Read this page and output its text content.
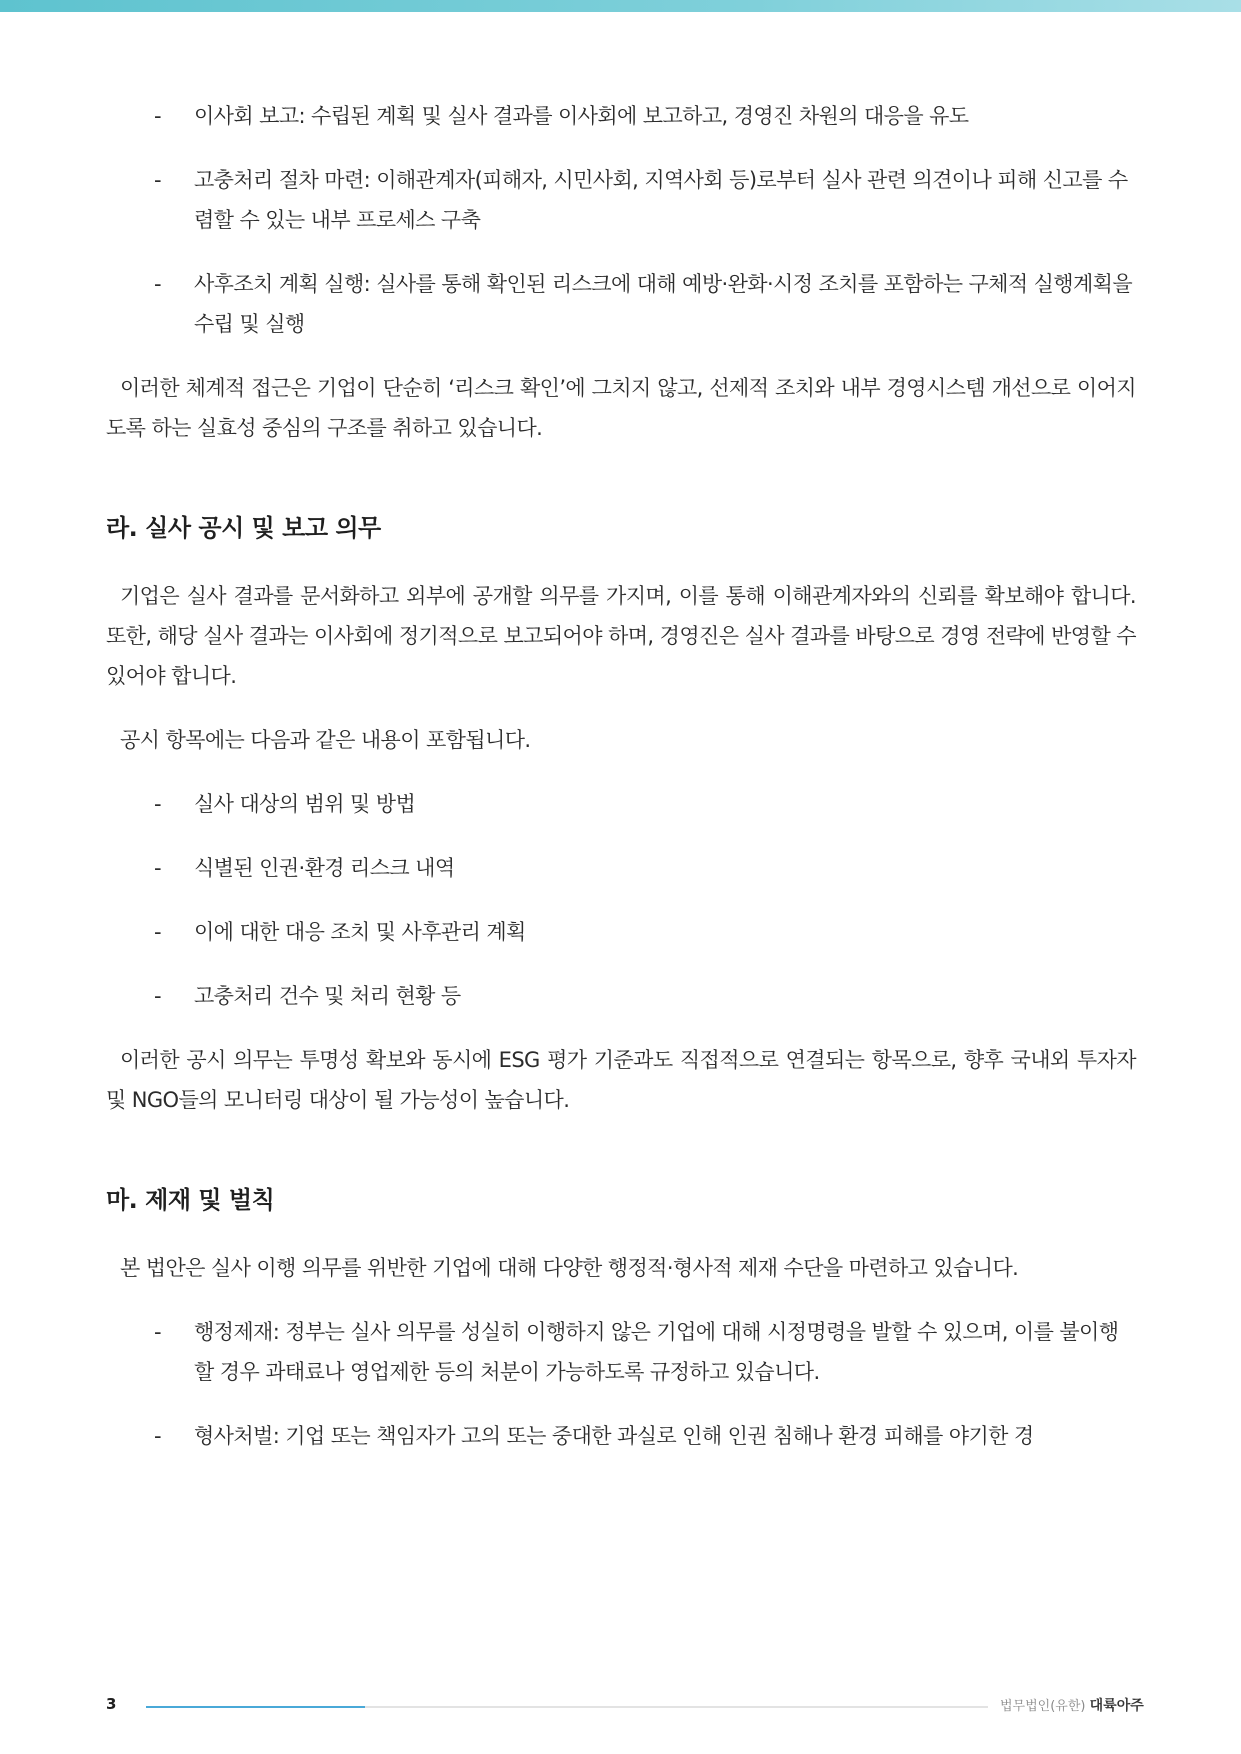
- 이사회 보고: 수립된 계획 및 실사 결과를 이사회에 보고하고, 경영진 차원의 대응을 유도
- 고충처리 절차 마련: 이해관계자(피해자, 시민사회, 지역사회 등)로부터 실사 관련 의견이나 피해 신고를 수렴할 수 있는 내부 프로세스 구축
- 사후조치 계획 실행: 실사를 통해 확인된 리스크에 대해 예방·완화·시정 조치를 포함하는 구체적 실행계획을 수립 및 실행

이러한 체계적 접근은 기업이 단순히 ‘리스크 확인’에 그치지 않고, 선제적 조치와 내부 경영시스템 개선으로 이어지도록 하는 실효성 중심의 구조를 취하고 있습니다.

라. 실사 공시 및 보고 의무

기업은 실사 결과를 문서화하고 외부에 공개할 의무를 가지며, 이를 통해 이해관계자와의 신뢰를 확보해야 합니다. 또한, 해당 실사 결과는 이사회에 정기적으로 보고되어야 하며, 경영진은 실사 결과를 바탕으로 경영 전략에 반영할 수 있어야 합니다.

공시 항목에는 다음과 같은 내용이 포함됩니다.

- 실사 대상의 범위 및 방법
- 식별된 인권·환경 리스크 내역
- 이에 대한 대응 조치 및 사후관리 계획
- 고충처리 건수 및 처리 현황 등

이러한 공시 의무는 투명성 확보와 동시에 ESG 평가 기준과도 직접적으로 연결되는 항목으로, 향후 국내외 투자자 및 NGO들의 모니터링 대상이 될 가능성이 높습니다.

마. 제재 및 벌칙

본 법안은 실사 이행 의무를 위반한 기업에 대해 다양한 행정적·형사적 제재 수단을 마련하고 있습니다.

- 행정제재: 정부는 실사 의무를 성실히 이행하지 않은 기업에 대해 시정명령을 발할 수 있으며, 이를 불이행할 경우 과태료나 영업제한 등의 처분이 가능하도록 규정하고 있습니다.
- 형사처벌: 기업 또는 책임자가 고의 또는 중대한 과실로 인해 인권 침해나 환경 피해를 야기한 경
3	법무법인(유한) 대륙아주
